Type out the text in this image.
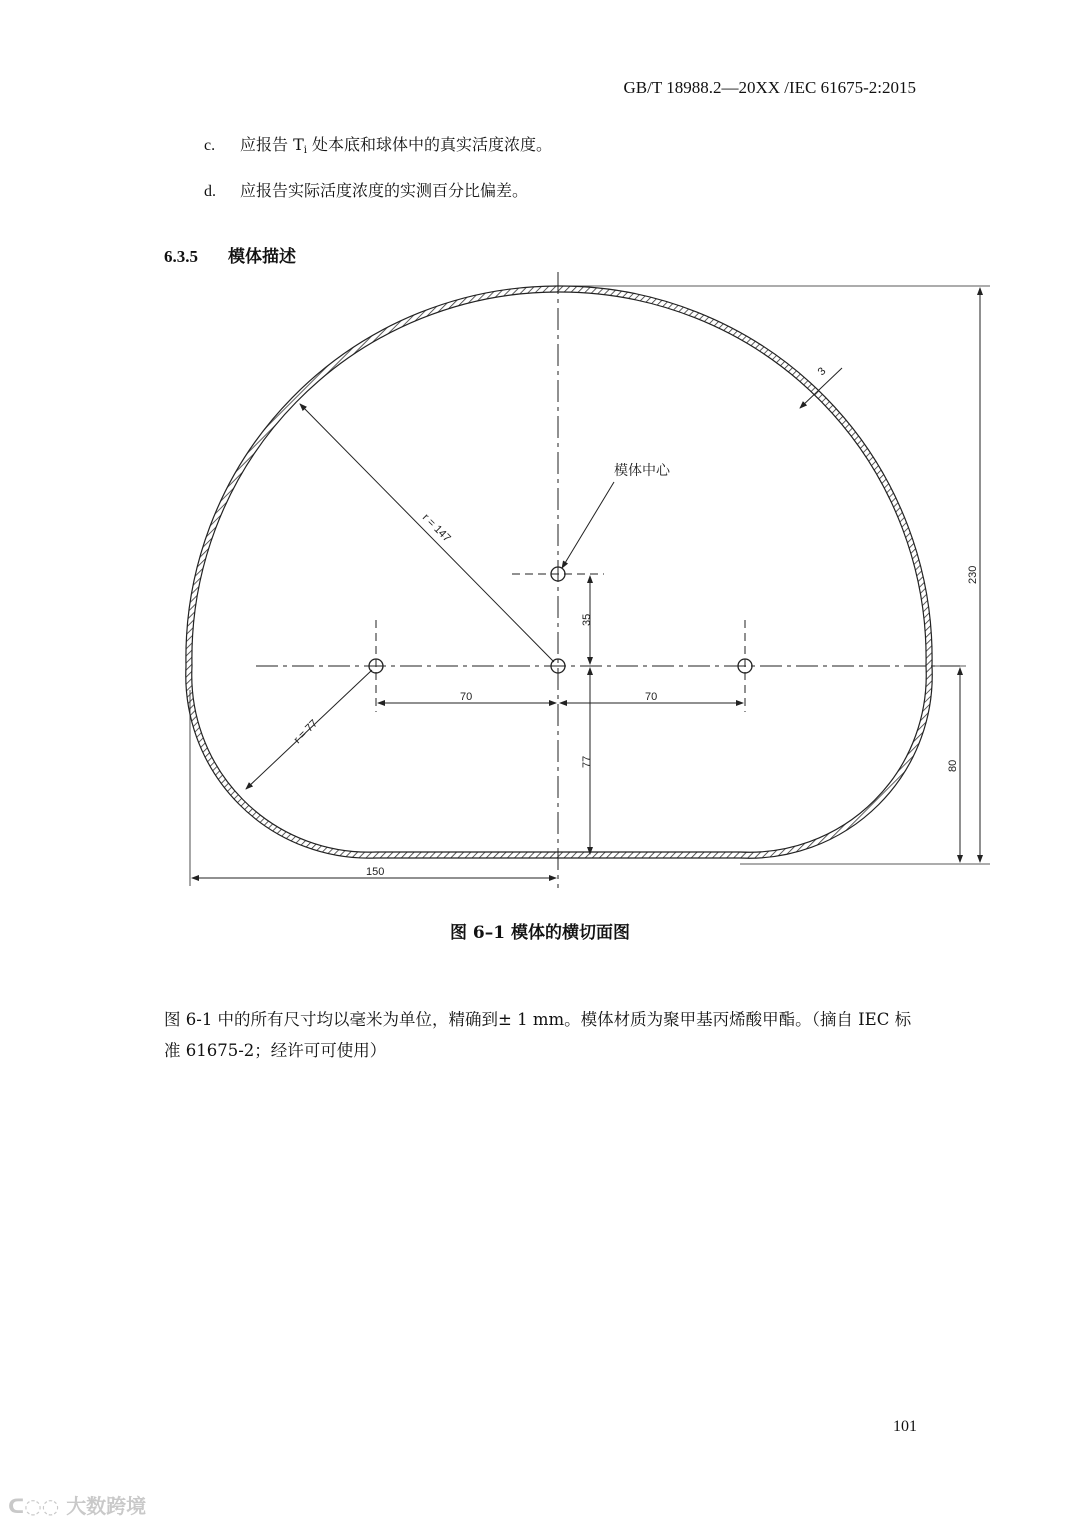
GB/T 18988.2—20XX /IEC 61675-2:2015
c. 应报告 $T_i$ 处本底和球体中的真实活度浓度。
d. 应报告实际活度浓度的实测百分比偏差。
6.3.5 模体描述
r = 147
r = 77
3
模体中心
35
77
70	70
230
80
150
图 6–1 模体的横切面图
图 6-1 中的所有尺寸均以毫米为单位，精确到± 1 mm。模体材质为聚甲基丙烯酸甲酯。（摘自 IEC 标准 61675-2；经许可可使用）
101
ᑕ◌◌ 大数跨境
